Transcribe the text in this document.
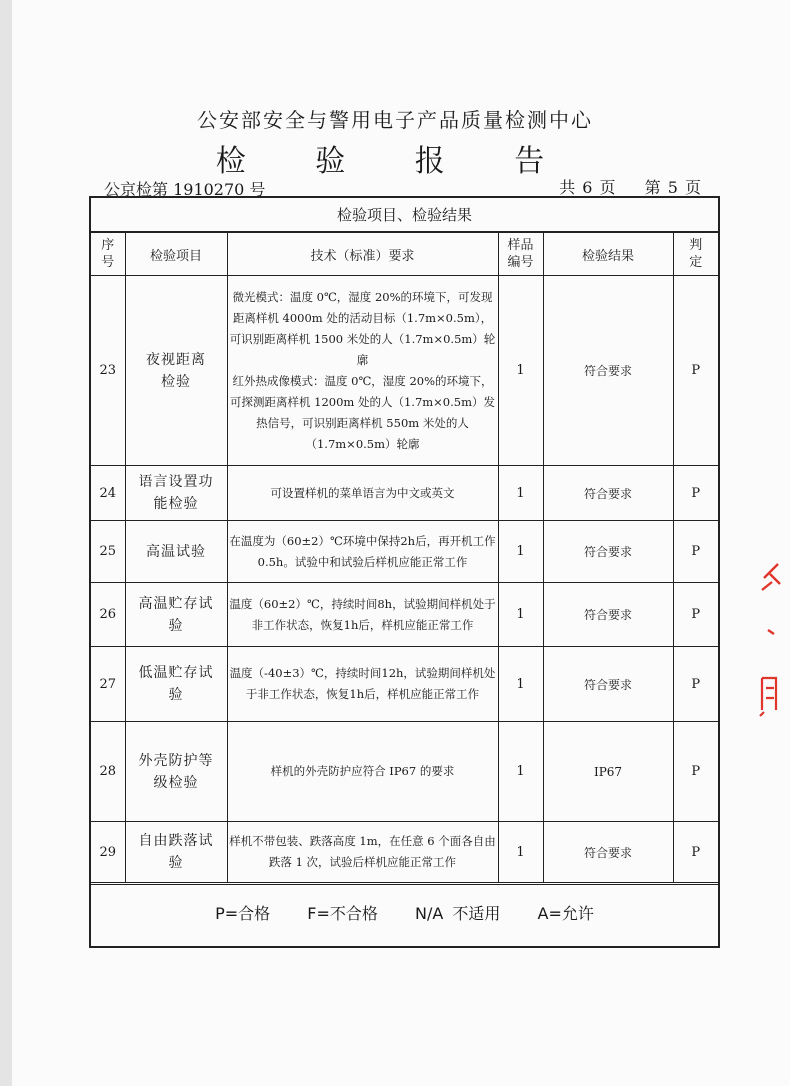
公安部安全与警用电子产品质量检测中心
检 验 报 告
公京检第 1910270 号	共 6 页 第 5 页
检验项目、检验结果
序号	检验项目	技术（标准）要求	样品编号	检验结果	判定

23	夜视距离检验	微光模式：温度 0℃，湿度 20%的环境下，可发现距离样机 4000m 处的活动目标（1.7m×0.5m），可识别距离样机 1500 米处的人（1.7m×0.5m）轮廓
红外热成像模式：温度 0℃，湿度 20%的环境下，可探测距离样机 1200m 处的人（1.7m×0.5m）发热信号，可识别距离样机 550m 米处的人（1.7m×0.5m）轮廓	1	符合要求	P
24	语言设置功能检验	可设置样机的菜单语言为中文或英文	1	符合要求	P
25	高温试验	在温度为（60±2）℃环境中保持2h后，再开机工作0.5h。试验中和试验后样机应能正常工作	1	符合要求	P
26	高温贮存试验	温度（60±2）℃，持续时间8h，试验期间样机处于非工作状态，恢复1h后，样机应能正常工作	1	符合要求	P
27	低温贮存试验	温度（-40±3）℃，持续时间12h，试验期间样机处于非工作状态，恢复1h后，样机应能正常工作	1	符合要求	P
28	外壳防护等级检验	样机的外壳防护应符合 IP67 的要求	1	IP67	P
29	自由跌落试验	样机不带包装、跌落高度 1m，在任意 6 个面各自由跌落 1 次，试验后样机应能正常工作	1	符合要求	P
P=合格 F=不合格 N/A 不适用 A=允许
